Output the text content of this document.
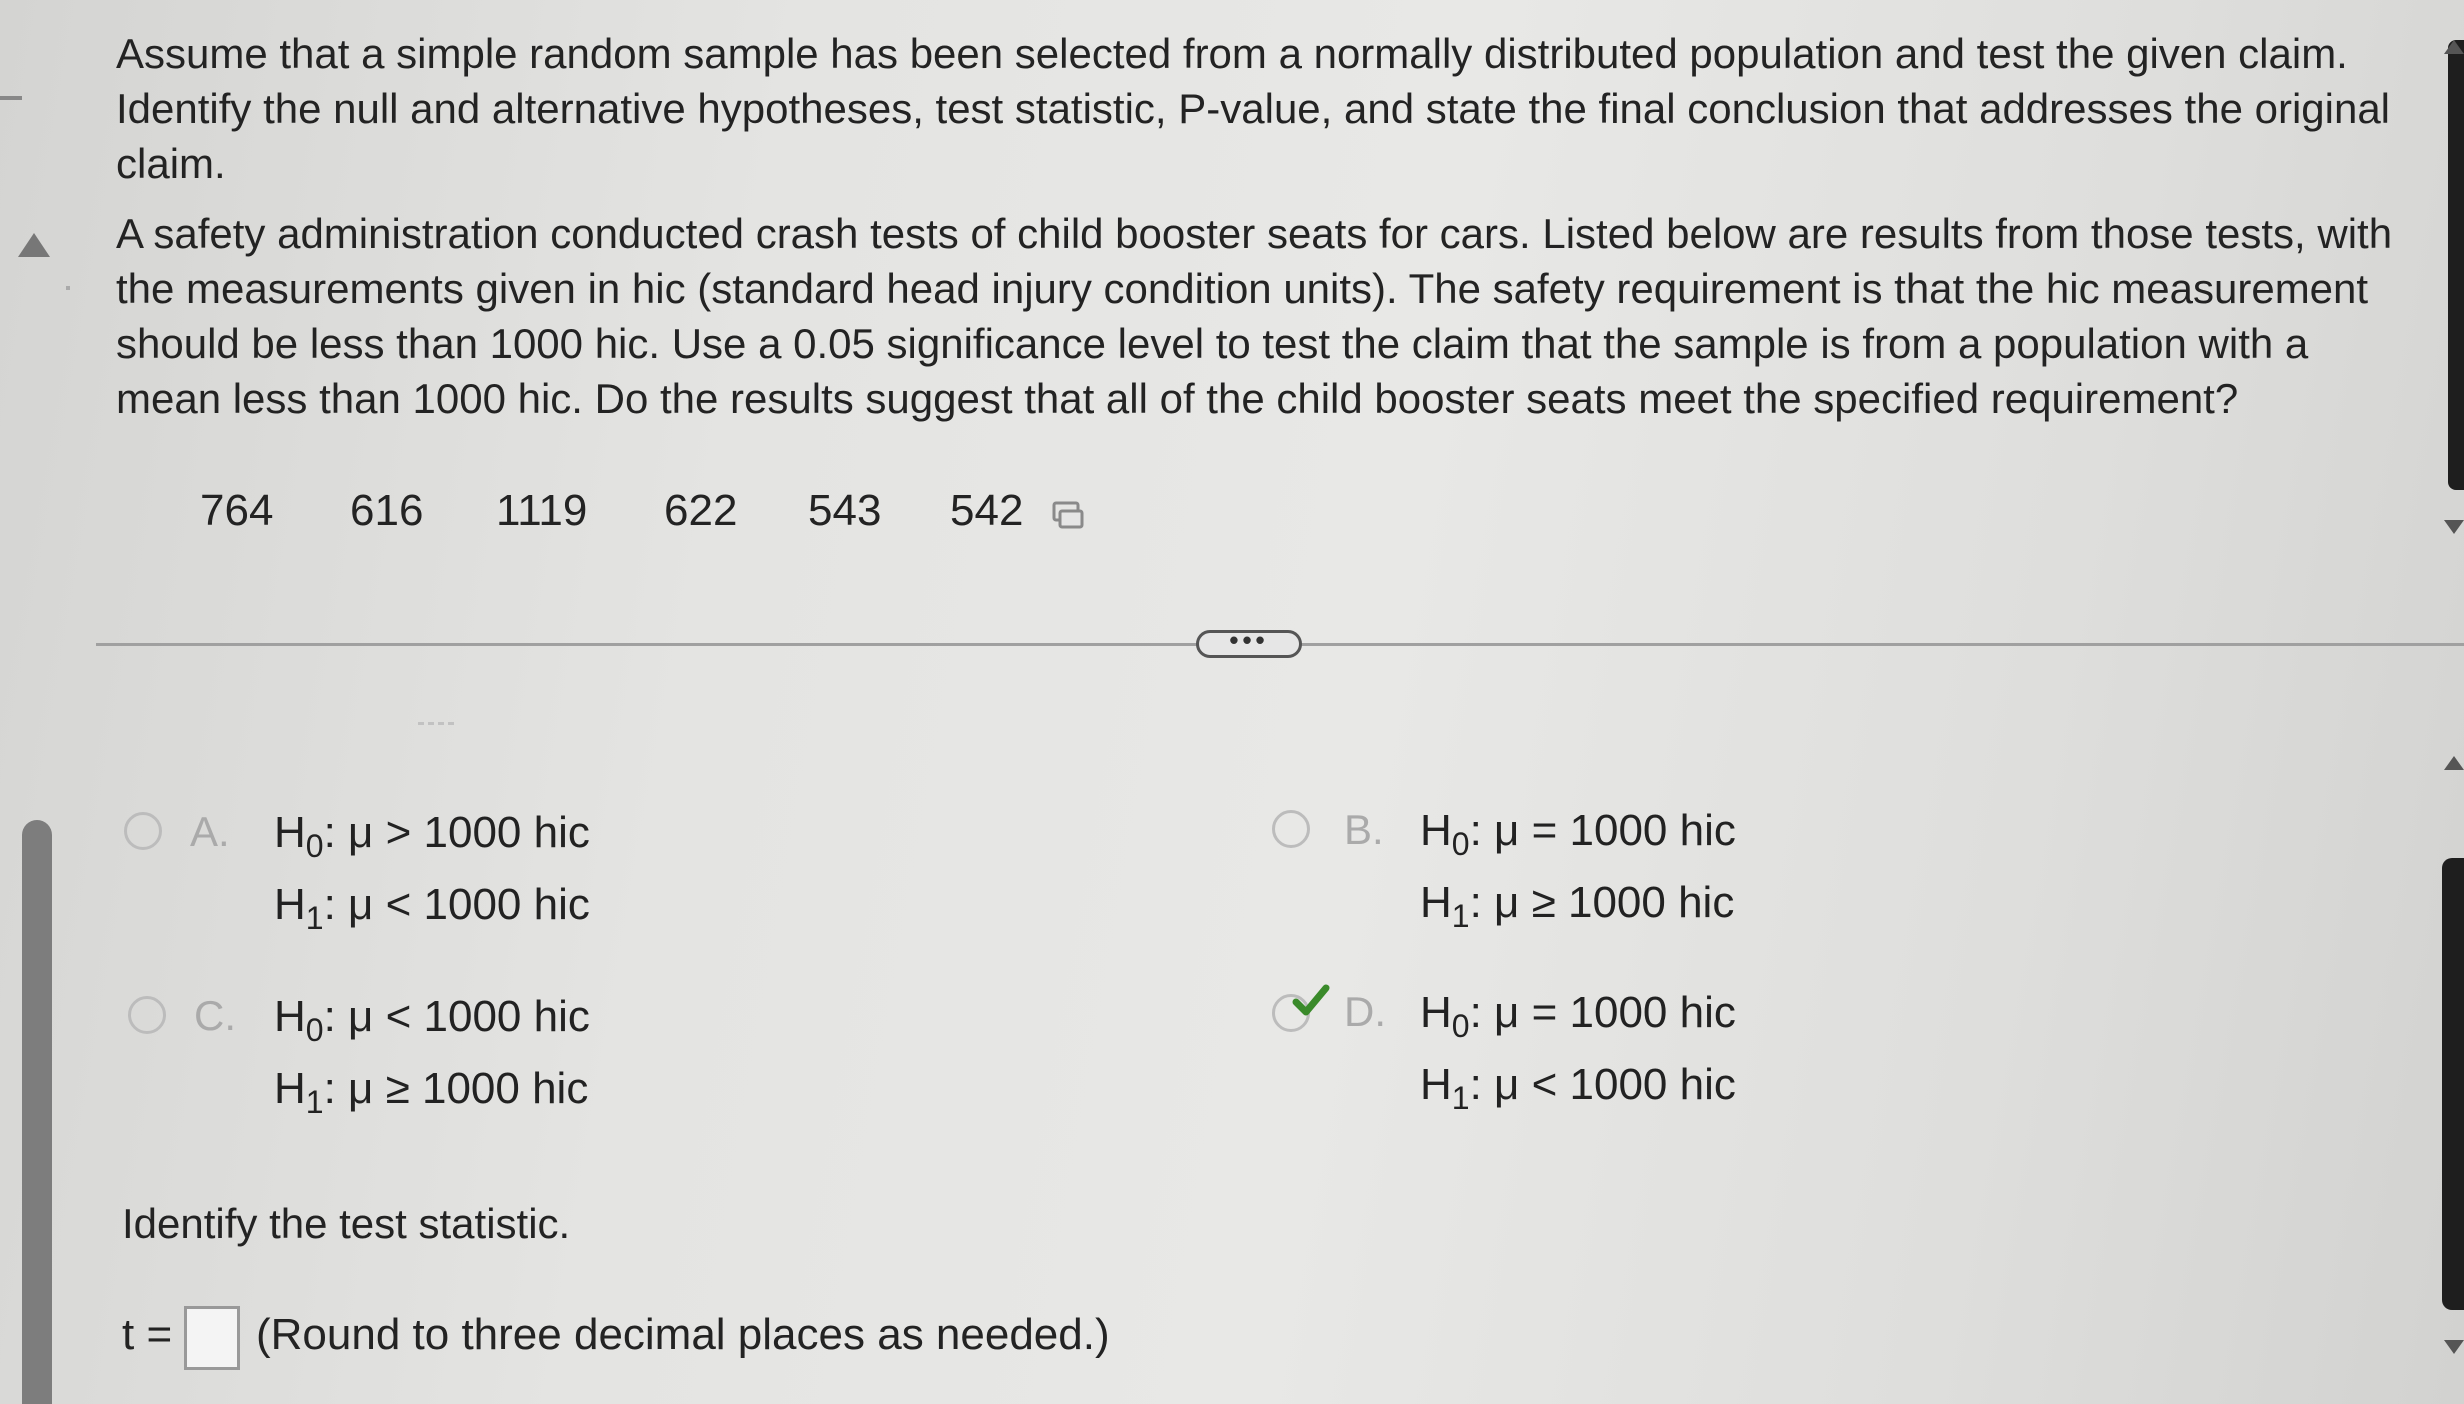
Assume that a simple random sample has been selected from a normally distributed population and test the given claim. Identify the null and alternative hypotheses, test statistic, P-value, and state the final conclusion that addresses the original claim.
A safety administration conducted crash tests of child booster seats for cars. Listed below are results from those tests, with the measurements given in hic (standard head injury condition units). The safety requirement is that the hic measurement should be less than 1000 hic. Use a 0.05 significance level to test the claim that the sample is from a population with a mean less than 1000 hic. Do the results suggest that all of the child booster seats meet the specified requirement?
764 616 1119 622 543 542
•••
A. $H_0$: μ > 1000 hic
$H_1$: μ < 1000 hic
B. $H_0$: μ = 1000 hic
$H_1$: μ ≥ 1000 hic
C. $H_0$: μ < 1000 hic
$H_1$: μ ≥ 1000 hic
D. $H_0$: μ = 1000 hic
$H_1$: μ < 1000 hic
Identify the test statistic.
t = (Round to three decimal places as needed.)
